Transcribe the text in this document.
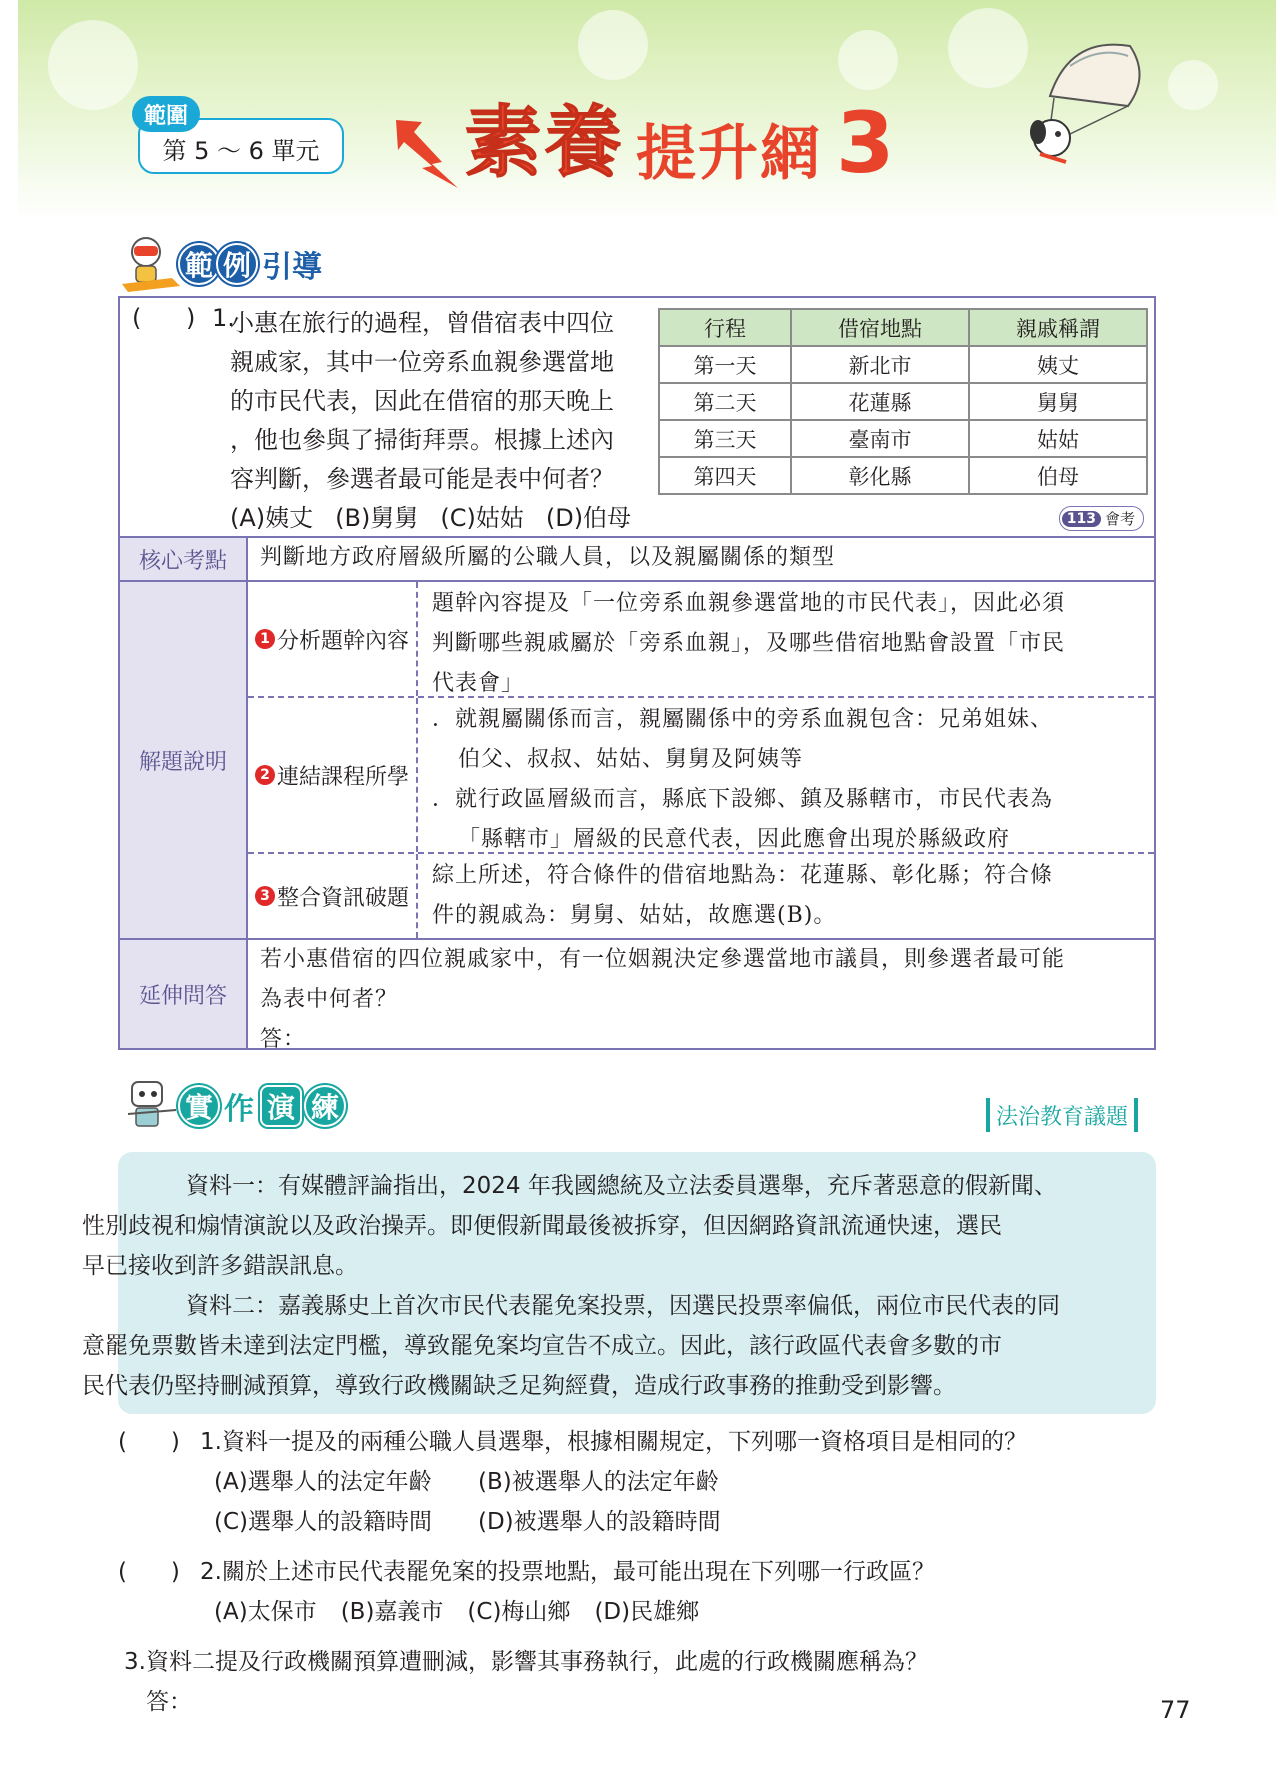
範圍
第 5 ～ 6 單元	素養 提升網 3
範 例 引導
( ) 1.
小惠在旅行的過程，曾借宿表中四位
親戚家，其中一位旁系血親參選當地
的市民代表，因此在借宿的那天晚上
，他也參與了掃街拜票。根據上述內
容判斷，參選者最可能是表中何者？
(A)姨丈 (B)舅舅 (C)姑姑 (D)伯母
行程	借宿地點	親戚稱謂
第一天	新北市	姨丈
第二天	花蓮縣	舅舅
第三天	臺南市	姑姑
第四天	彰化縣	伯母
113 會考
核心考點	判斷地方政府層級所屬的公職人員，以及親屬關係的類型
解題說明
1 分析題幹內容
題幹內容提及「一位旁系血親參選當地的市民代表」，因此必須
判斷哪些親戚屬於「旁系血親」，及哪些借宿地點會設置「市民
代表會」
2 連結課程所學
．就親屬關係而言，親屬關係中的旁系血親包含：兄弟姐妹、
伯父、叔叔、姑姑、舅舅及阿姨等
．就行政區層級而言，縣底下設鄉、鎮及縣轄市，市民代表為
「縣轄市」層級的民意代表，因此應會出現於縣級政府
3 整合資訊破題
綜上所述，符合條件的借宿地點為：花蓮縣、彰化縣；符合條
件的親戚為：舅舅、姑姑，故應選(B)。
延伸問答
若小惠借宿的四位親戚家中，有一位姻親決定參選當地市議員，則參選者最可能
為表中何者？
答：
實 作 演 練	法治教育議題

資料一：有媒體評論指出，2024 年我國總統及立法委員選舉，充斥著惡意的假新聞、
性別歧視和煽情演說以及政治操弄。即便假新聞最後被拆穿，但因網路資訊流通快速，選民
早已接收到許多錯誤訊息。

資料二：嘉義縣史上首次市民代表罷免案投票，因選民投票率偏低，兩位市民代表的同
意罷免票數皆未達到法定門檻，導致罷免案均宣告不成立。因此，該行政區代表會多數的市
民代表仍堅持刪減預算，導致行政機關缺乏足夠經費，造成行政事務的推動受到影響。

(      ) 1.資料一提及的兩種公職人員選舉，根據相關規定，下列哪一資格項目是相同的？
(A)選舉人的法定年齡	(B)被選舉人的法定年齡
(C)選舉人的設籍時間	(D)被選舉人的設籍時間
(      ) 2.關於上述市民代表罷免案的投票地點，最可能出現在下列哪一行政區？
(A)太保市 (B)嘉義市 (C)梅山鄉 (D)民雄鄉
3.資料二提及行政機關預算遭刪減，影響其事務執行，此處的行政機關應稱為？
答：	77
